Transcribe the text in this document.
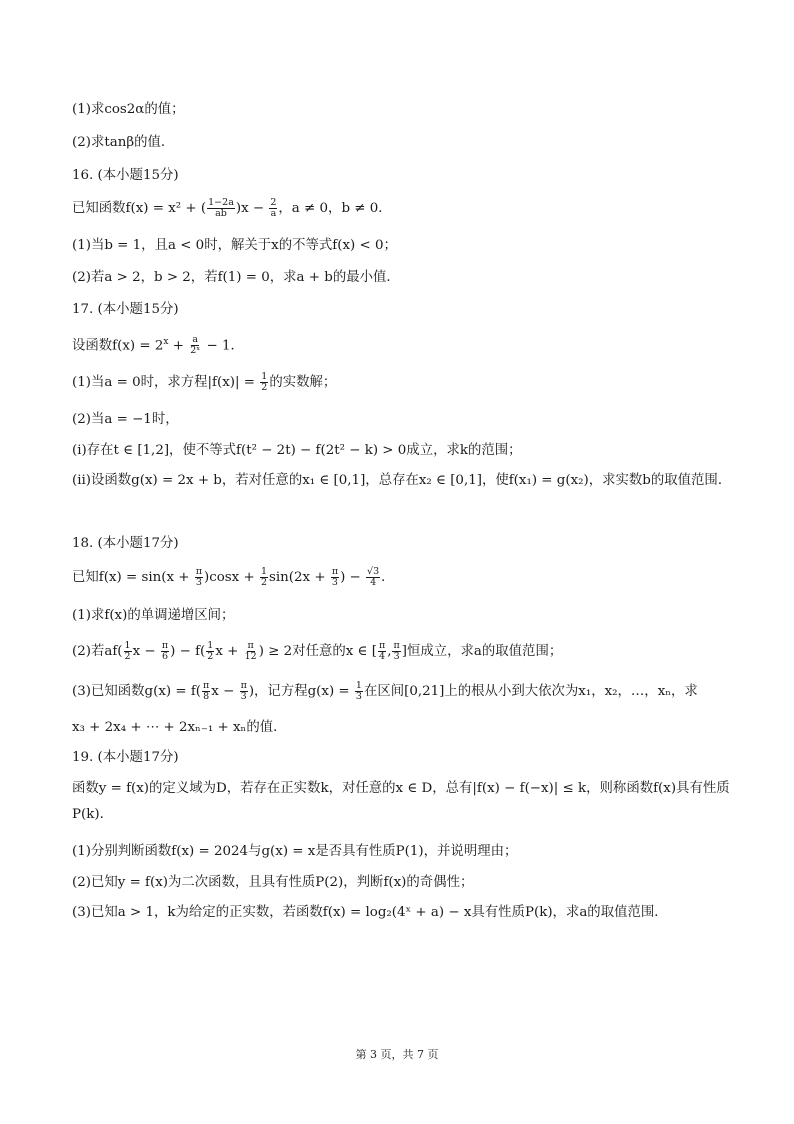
(1)求cos2α的值；
(2)求tanβ的值．
16. (本小题15分)
已知函数f(x) = x² + ( $\frac{1-2a}{ab} )x - \frac{2}{a}$ ，a ≠ 0，b ≠ 0．
(1)当b = 1，且a < 0时，解关于x的不等式f(x) < 0；
(2)若a > 2，b > 2，若f(1) = 0，求a + b的最小值．
17. (本小题15分)
设函数$f(x) = 2^x + \frac{a}{\text{2ˣ}} - 1$．
(1)当a = 0时，求方程$|f(x)| = \frac{1}{2}$ 的实数解；
(2)当a = −1时，
(ⅰ)存在t ∈ [1,2]，使不等式f(t² − 2t) − f(2t² − k) > 0成立，求k的范围；
(ⅱ)设函数g(x) = 2x + b，若对任意的x₁ ∈ [0,1]，总存在x₂ ∈ [0,1]，使f(x₁) = g(x₂)，求实数b的取值范围．
18. (本小题17分)
已知$f(x) = \sin(x + \frac{\pi}{3} )\cos x + \frac{1}{2} \sin(2x + \frac{\pi}{3}$ ) − $\frac{√3}{4}$ ．
(1)求f(x)的单调递增区间；
(2)若$af( \frac{1}{2}$ $x - \frac{\pi}{6}$ ) − $f( \frac{1}{2}$ $x + \frac{\pi}{12}$ ) ≥ 2对任意的x ∈ [ $\frac{\pi}{4}$ , $\frac{\pi}{3}$ ]恒成立，求a的取值范围；
(3)已知函数$g(x) = f( \frac{\pi}{8}$ $x - \frac{\pi}{3}$ )，记方程$g(x) = \frac{1}{3}$ 在区间[0,21]上的根从小到大依次为x₁，x₂，…，xₙ，求
x₃ + 2x₄ + ⋯ + 2xₙ₋₁ + xₙ的值．
19. (本小题17分)
函数y = f(x)的定义域为D，若存在正实数k，对任意的x ∈ D，总有|f(x) − f(−x)| ≤ k，则称函数f(x)具有性质P(k)．
(1)分别判断函数f(x) = 2024与g(x) = x是否具有性质P(1)，并说明理由；
(2)已知y = f(x)为二次函数，且具有性质P(2)，判断f(x)的奇偶性；
(3)已知a > 1，k为给定的正实数，若函数f(x) = log₂(4ˣ + a) − x具有性质P(k)，求a的取值范围．
第 3 页，共 7 页
